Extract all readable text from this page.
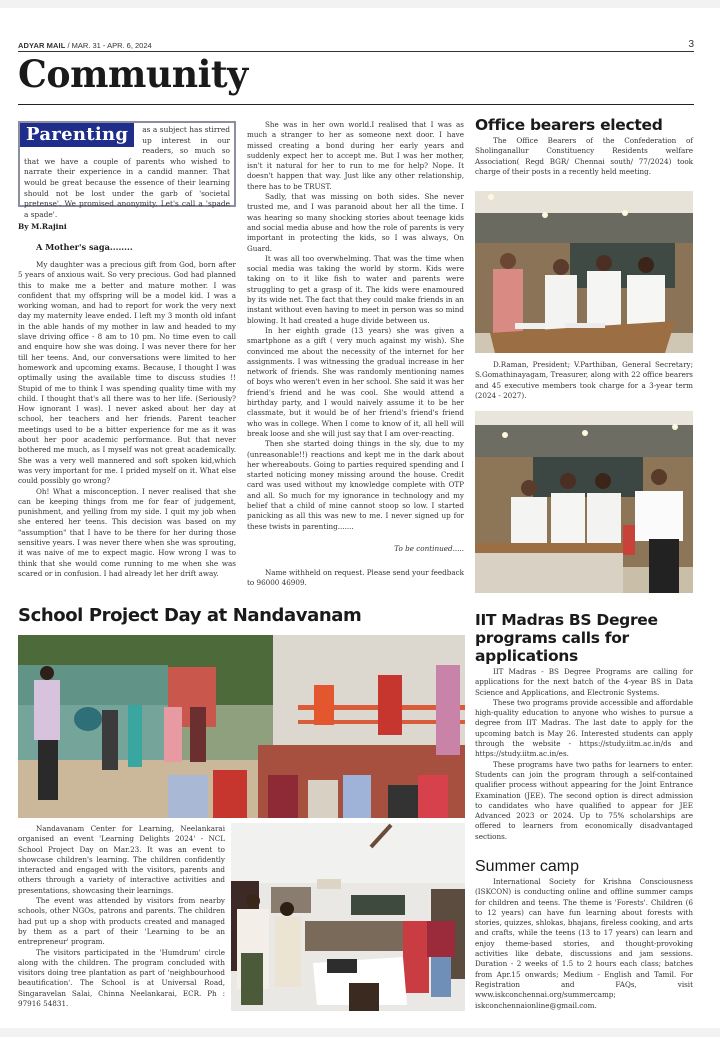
ADYAR MAIL / MAR. 31 - APR. 6, 2024	3
Community
Parenting	as a subject has stirred up interest in our readers, so much so that we have a couple of parents who wished to narrate their experience in a candid manner. That would be great because the essence of their learning should not be lost under the garb of 'societal pretense'. We promised anonymity. Let's call a 'spade a spade'.
By M.Rajini
A Mother's saga........

My daughter was a precious gift from God, born after 5 years of anxious wait. So very precious. God had planned this to make me a better and mature mother. I was confident that my offspring will be a model kid. I was a working woman, and had to report for work the very next day my maternity leave ended. I left my 3 month old infant in the able hands of my mother in law and headed to my slave driving office - 8 am to 10 pm. No time even to call and enquire how she was doing. I was never there for her till her teens. And, our conversations were limited to her homework and upcoming exams. Because, I thought I was optimally using the available time to discuss studies !! Stupid of me to think I was spending quality time with my child. I thought that's all there was to her life. (Seriously? How ignorant I was). I never asked about her day at school, her teachers and her friends. Parent teacher meetings used to be a bitter experience for me as it was about her poor academic performance. But that never bothered me much, as I myself was not great academically. She was a very well mannered and soft spoken kid,which was very important for me. I prided myself on it. What else could possibly go wrong?

Oh! What a misconception. I never realised that she can be keeping things from me for fear of judgement, punishment, and yelling from my side. I quit my job when she entered her teens. This decision was based on my "assumption" that I have to be there for her during those sensitive years. I was never there when she was sprouting, it was naive of me to expect magic. How wrong I was to think that she would come running to me when she was scared or in confusion. I had already let her drift away.

She was in her own world.I realised that I was as much a stranger to her as someone next door. I have missed creating a bond during her early years and suddenly expect her to accept me. But I was her mother, isn't it natural for her to run to me for help? Nope. It doesn't happen that way. Just like any other relationship, there has to be TRUST.

Sadly, that was missing on both sides. She never trusted me, and I was paranoid about her all the time. I was hearing so many shocking stories about teenage kids and social media abuse and how the role of parents is very important in protecting the kids, so I was always, On Guard.

It was all too overwhelming. That was the time when social media was taking the world by storm. Kids were taking on to it like fish to water and parents were struggling to get a grasp of it. The kids were enamoured by its wide net. The fact that they could make friends in an instant without even having to meet in person was so mind blowing. It had created a huge divide between us.

In her eighth grade (13 years) she was given a smartphone as a gift ( very much against my wish). She convinced me about the necessity of the internet for her assignments. I was witnessing the gradual increase in her network of friends. She was randomly mentioning names of boys who weren't even in her school. She said it was her friend's friend and he was cool. She would attend a birthday party, and I would naively assume it to be her classmate, but it would be of her friend's friend's friend who was in college. When I come to know of it, all hell will break loose and she will just say that I am over-reacting.

Then she started doing things in the sly, due to my (unreasonable!!) reactions and kept me in the dark about her whereabouts. Going to parties required spending and I started noticing money missing around the house. Credit card was used without my knowledge complete with OTP and all. So much for my ignorance in technology and my belief that a child of mine cannot stoop so low. I started panicking as all this was new to me. I never signed up for these twists in parenting.......

To be continued.....

Name withheld on request. Please send your feedback to 96000 46909.

Office bearers elected

The Office Bearers of the Confederation of Sholinganallur Constituency Residents welfare Association( Regd BGR/ Chennai south/ 77/2024) took charge of their posts in a recently held meeting.

D.Raman, President; V.Parthiban, General Secretary; S.Gomathinayagam, Treasurer, along with 22 office bearers and 45 executive members took charge for a 3-year term (2024 - 2027).

School Project Day at Nandavanam

Nandavanam Center for Learning, Neelankarai organised an event 'Learning Delights 2024' - NCL School Project Day on Mar.23. It was an event to showcase children's learning. The children confidently interacted and engaged with the visitors, parents and others through a variety of interactive activities and presentations, showcasing their learnings.

The event was attended by visitors from nearby schools, other NGOs, patrons and parents. The children had put up a shop with products created and managed by them as a part of their 'Learning to be an entrepreneur' program.

The visitors participated in the 'Humdrum' circle along with the children. The program concluded with visitors doing tree plantation as part of 'neighbourhood beautification'. The School is at Universal Road, Singaravelan Salai, Chinna Neelankarai, ECR. Ph : 97916 54831.

IIT Madras BS Degree programs calls for applications

IIT Madras - BS Degree Programs are calling for applications for the next batch of the 4-year BS in Data Science and Applications, and Electronic Systems.

These two programs provide accessible and affordable high-quality education to anyone who wishes to pursue a degree from IIT Madras. The last date to apply for the upcoming batch is May 26. Interested students can apply through the website - https://study.iitm.ac.in/ds and https://study.iitm.ac.in/es.

These programs have two paths for learners to enter. Students can join the program through a self-contained qualifier process without appearing for the Joint Entrance Examination (JEE). The second option is direct admission to candidates who have qualified to appear for JEE Advanced 2023 or 2024. Up to 75% scholarships are offered to learners from economically disadvantaged sections.

Summer camp

International Society for Krishna Consciousness (ISKCON) is conducting online and offline summer camps for children and teens. The theme is 'Forests'. Children (6 to 12 years) can have fun learning about forests with stories, quizzes, shlokas, bhajans, fireless cooking, and arts and crafts, while the teens (13 to 17 years) can learn and enjoy theme-based stories, and thought-provoking activities like debate, discussions and jam sessions. Duration - 2 weeks of 1.5 to 2 hours each class; batches from Apr.15 onwards; Medium - English and Tamil. For Registration and FAQs, visit www.iskconchennai.org/summercamp; iskconchennaionline@gmail.com.
